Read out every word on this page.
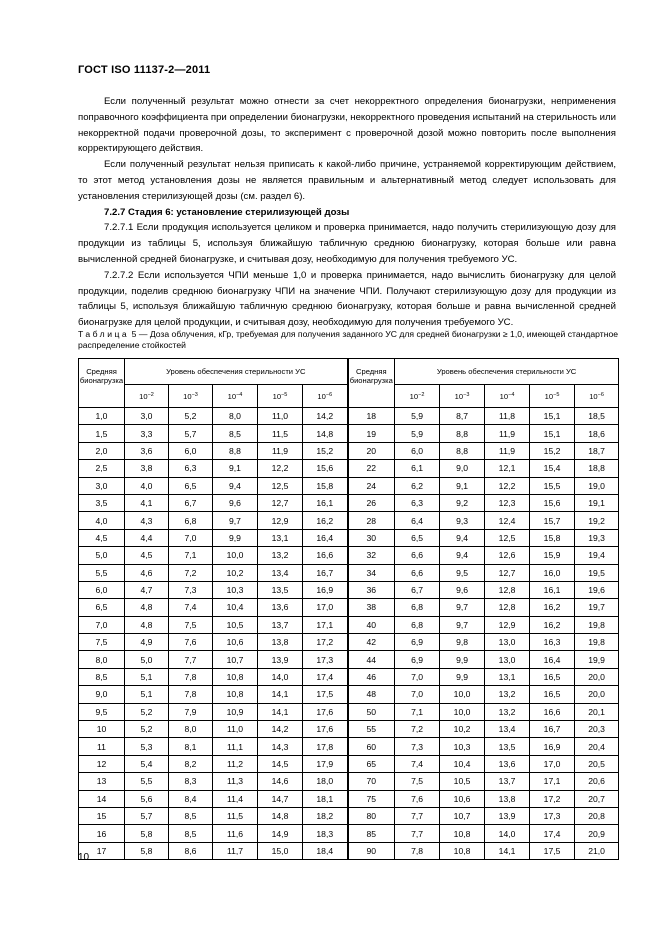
ГОСТ ISO 11137-2—2011

Если полученный результат можно отнести за счет некорректного определения бионагрузки, неприменения поправочного коэффициента при определении бионагрузки, некорректного проведения испытаний на стерильность или некорректной подачи проверочной дозы, то эксперимент с проверочной дозой можно повторить после выполнения корректирующего действия.

Если полученный результат нельзя приписать к какой-либо причине, устраняемой корректирующим действием, то этот метод установления дозы не является правильным и альтернативный метод следует использовать для установления стерилизующей дозы (см. раздел 6).

7.2.7 Стадия 6: установление стерилизующей дозы

7.2.7.1 Если продукция используется целиком и проверка принимается, надо получить стерилизующую дозу для продукции из таблицы 5, используя ближайшую табличную среднюю бионагрузку, которая больше или равна вычисленной средней бионагрузке, и считывая дозу, необходимую для получения требуемого УС.

7.2.7.2 Если используется ЧПИ меньше 1,0 и проверка принимается, надо вычислить бионагрузку для целой продукции, поделив среднюю бионагрузку ЧПИ на значение ЧПИ. Получают стерилизующую дозу для продукции из таблицы 5, используя ближайшую табличную среднюю бионагрузку, которая больше и равна вычисленной средней бионагрузке для целой продукции, и считывая дозу, необходимую для получения требуемого УС.

Таблица 5 — Доза облучения, кГр, требуемая для получения заданного УС для средней бионагрузки ≥ 1,0, имеющей стандартное распределение стойкостей
Средняя бионагрузка	Уровень обеспечения стерильности УС					Средняя бионагрузка	Уровень обеспечения стерильности УС				
	$10^{-2}$	$10^{-3}$	$10^{-4}$	$10^{-5}$	$10^{-6}$		$10^{-2}$	$10^{-3}$	$10^{-4}$	$10^{-5}$	$10^{-6}$
1,0	3,0	5,2	8,0	11,0	14,2	18	5,9	8,7	11,8	15,1	18,5
1,5	3,3	5,7	8,5	11,5	14,8	19	5,9	8,8	11,9	15,1	18,6
2,0	3,6	6,0	8,8	11,9	15,2	20	6,0	8,8	11,9	15,2	18,7
2,5	3,8	6,3	9,1	12,2	15,6	22	6,1	9,0	12,1	15,4	18,8
3,0	4,0	6,5	9,4	12,5	15,8	24	6,2	9,1	12,2	15,5	19,0
3,5	4,1	6,7	9,6	12,7	16,1	26	6,3	9,2	12,3	15,6	19,1
4,0	4,3	6,8	9,7	12,9	16,2	28	6,4	9,3	12,4	15,7	19,2
4,5	4,4	7,0	9,9	13,1	16,4	30	6,5	9,4	12,5	15,8	19,3
5,0	4,5	7,1	10,0	13,2	16,6	32	6,6	9,4	12,6	15,9	19,4
5,5	4,6	7,2	10,2	13,4	16,7	34	6,6	9,5	12,7	16,0	19,5
6,0	4,7	7,3	10,3	13,5	16,9	36	6,7	9,6	12,8	16,1	19,6
6,5	4,8	7,4	10,4	13,6	17,0	38	6,8	9,7	12,8	16,2	19,7
7,0	4,8	7,5	10,5	13,7	17,1	40	6,8	9,7	12,9	16,2	19,8
7,5	4,9	7,6	10,6	13,8	17,2	42	6,9	9,8	13,0	16,3	19,8
8,0	5,0	7,7	10,7	13,9	17,3	44	6,9	9,9	13,0	16,4	19,9
8,5	5,1	7,8	10,8	14,0	17,4	46	7,0	9,9	13,1	16,5	20,0
9,0	5,1	7,8	10,8	14,1	17,5	48	7,0	10,0	13,2	16,5	20,0
9,5	5,2	7,9	10,9	14,1	17,6	50	7,1	10,0	13,2	16,6	20,1
10	5,2	8,0	11,0	14,2	17,6	55	7,2	10,2	13,4	16,7	20,3
11	5,3	8,1	11,1	14,3	17,8	60	7,3	10,3	13,5	16,9	20,4
12	5,4	8,2	11,2	14,5	17,9	65	7,4	10,4	13,6	17,0	20,5
13	5,5	8,3	11,3	14,6	18,0	70	7,5	10,5	13,7	17,1	20,6
14	5,6	8,4	11,4	14,7	18,1	75	7,6	10,6	13,8	17,2	20,7
15	5,7	8,5	11,5	14,8	18,2	80	7,7	10,7	13,9	17,3	20,8
16	5,8	8,5	11,6	14,9	18,3	85	7,7	10,8	14,0	17,4	20,9
17	5,8	8,6	11,7	15,0	18,4	90	7,8	10,8	14,1	17,5	21,0
10
